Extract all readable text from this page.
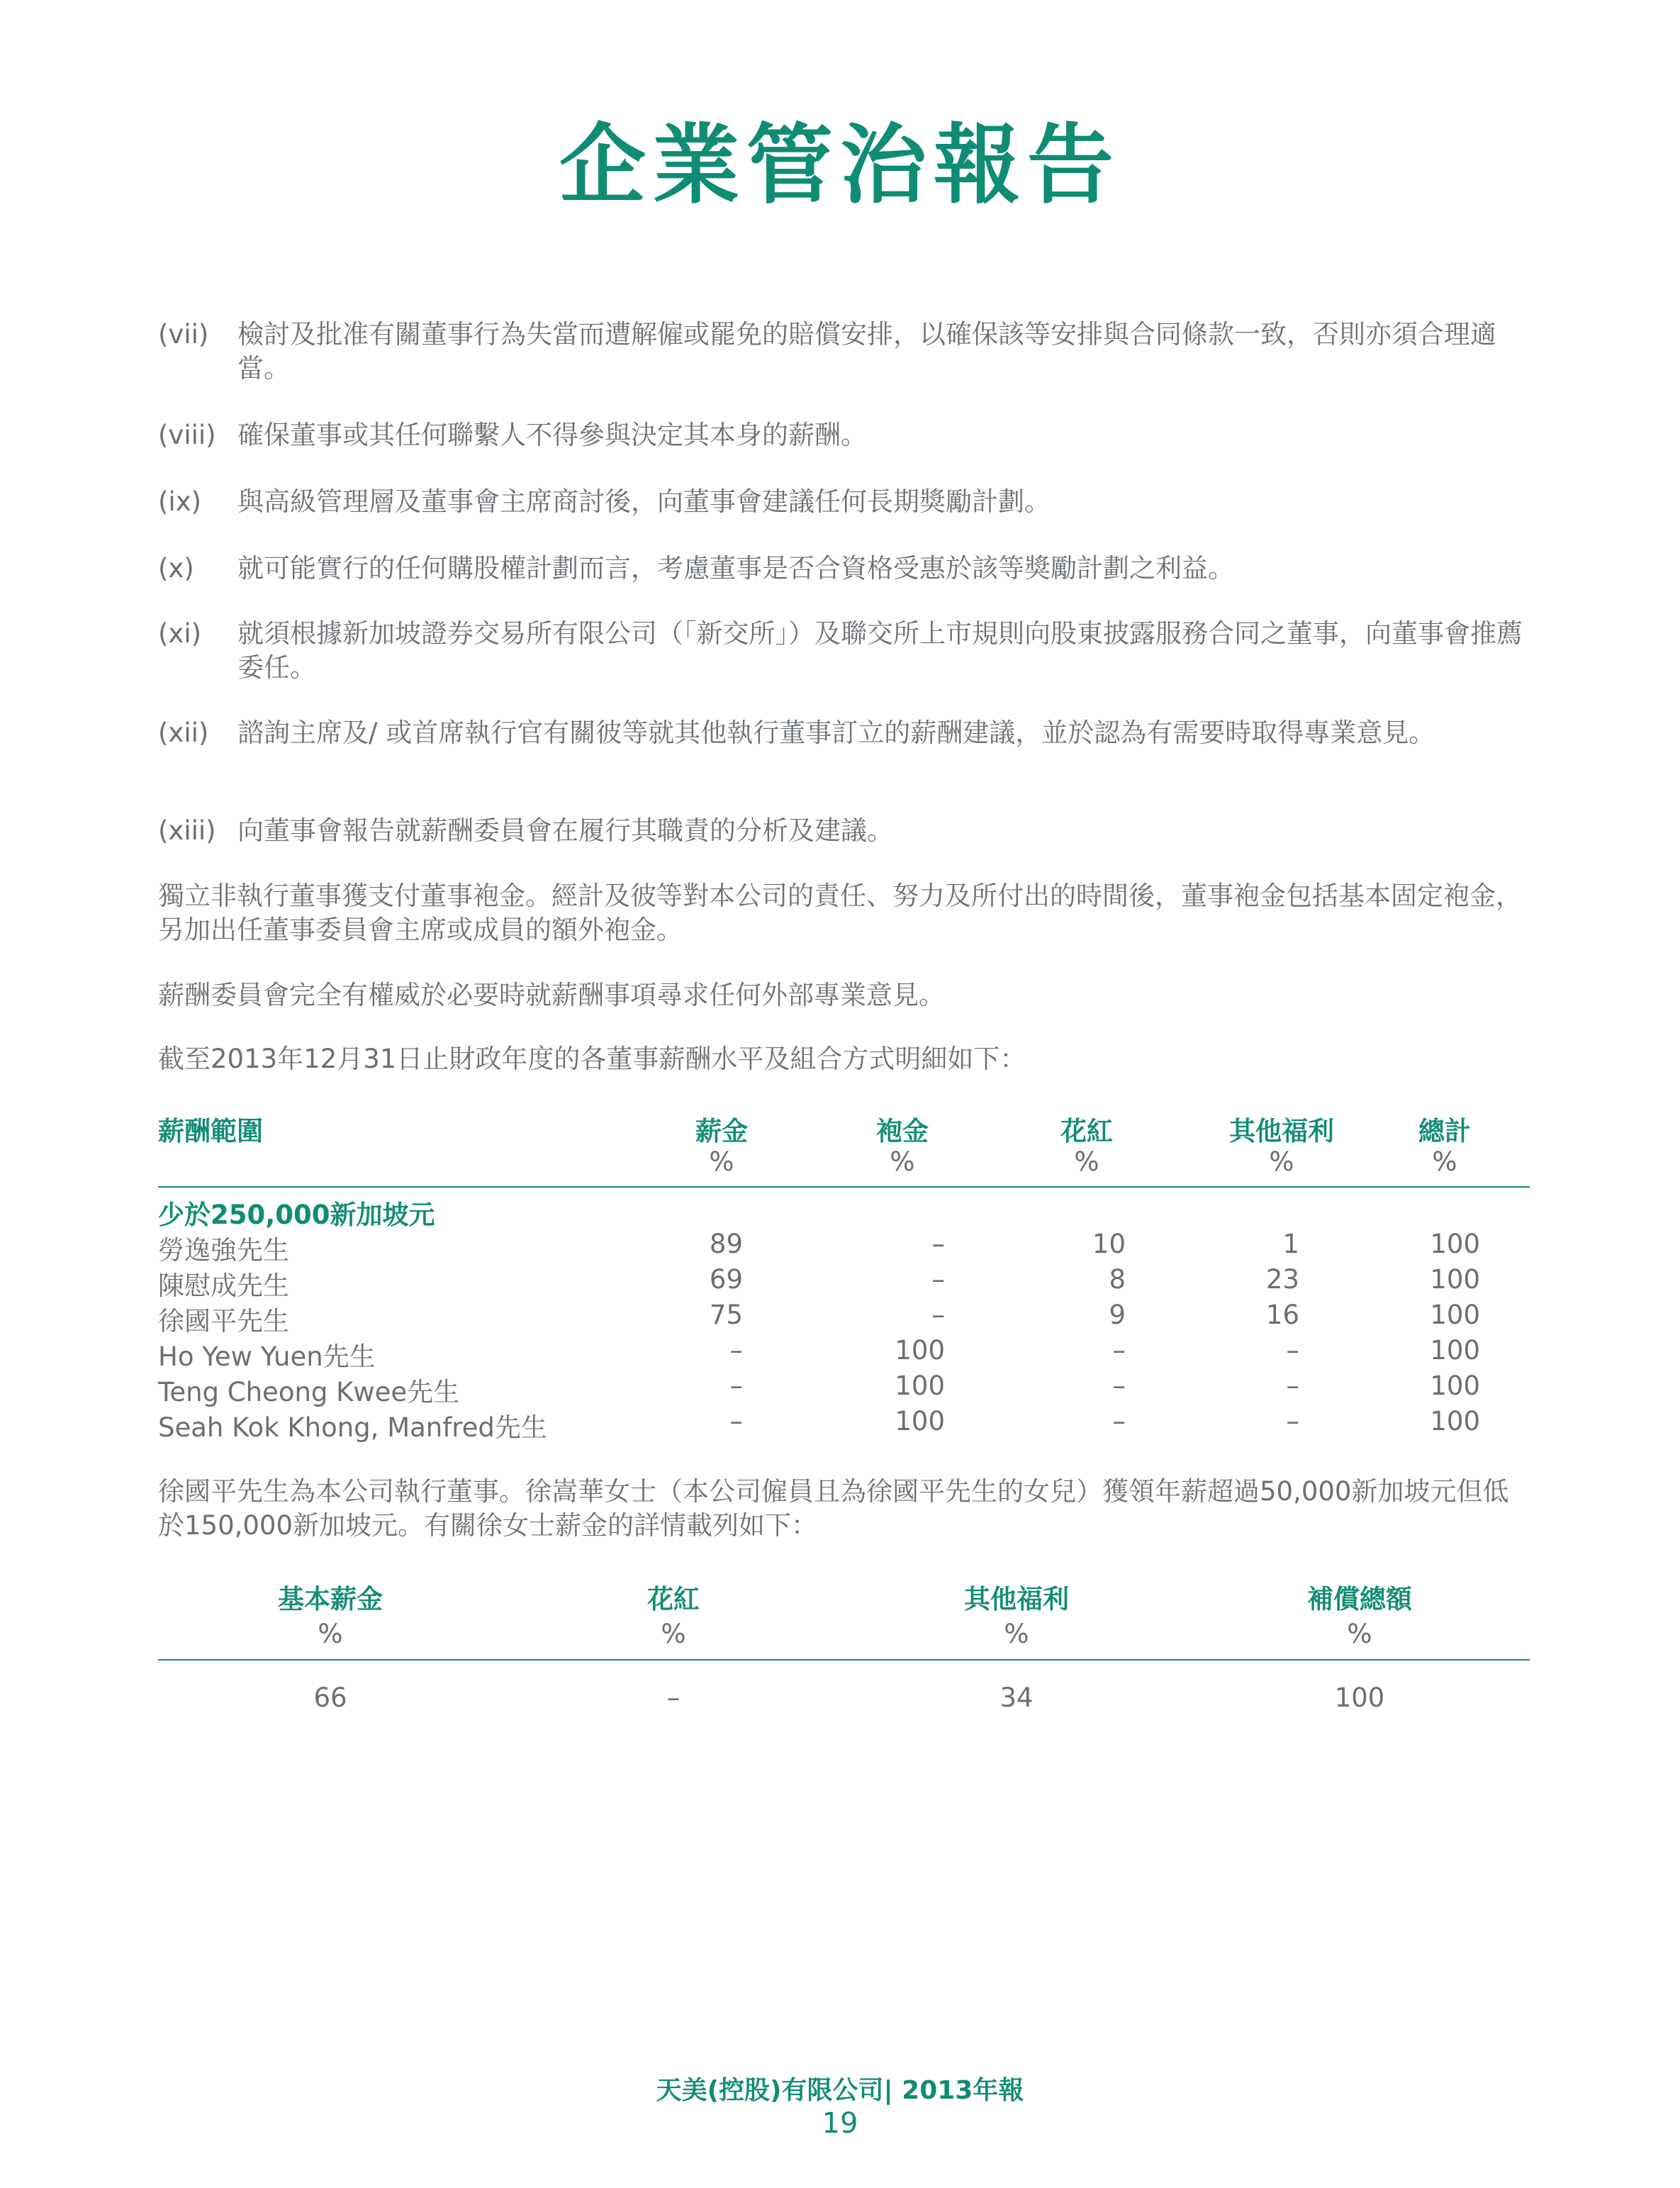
企業管治報告
(vii) 檢討及批准有關董事行為失當而遭解僱或罷免的賠償安排，以確保該等安排與合同條款一致，否則亦須合理適當。
(viii) 確保董事或其任何聯繫人不得參與決定其本身的薪酬。
(ix) 與高級管理層及董事會主席商討後，向董事會建議任何長期獎勵計劃。
(x) 就可能實行的任何購股權計劃而言，考慮董事是否合資格受惠於該等獎勵計劃之利益。
(xi) 就須根據新加坡證券交易所有限公司（「新交所」）及聯交所上市規則向股東披露服務合同之董事，向董事會推薦委任。
(xii) 諮詢主席及/ 或首席執行官有關彼等就其他執行董事訂立的薪酬建議，並於認為有需要時取得專業意見。
(xiii) 向董事會報告就薪酬委員會在履行其職責的分析及建議。
獨立非執行董事獲支付董事袍金。經計及彼等對本公司的責任、努力及所付出的時間後，董事袍金包括基本固定袍金，另加出任董事委員會主席或成員的額外袍金。
薪酬委員會完全有權威於必要時就薪酬事項尋求任何外部專業意見。
截至2013年12月31日止財政年度的各董事薪酬水平及組合方式明細如下：
薪酬範圍	薪金	袍金	花紅	其他福利	總計
%	%	%	%	%
少於250,000新加坡元
勞逸強先生	89	–	10	1	100
陳慰成先生	69	–	8	23	100
徐國平先生	75	–	9	16	100
Ho Yew Yuen先生	–	100	–	–	100
Teng Cheong Kwee先生	–	100	–	–	100
Seah Kok Khong, Manfred先生	–	100	–	–	100
徐國平先生為本公司執行董事。徐嵩華女士（本公司僱員且為徐國平先生的女兒）獲領年薪超過50,000新加坡元但低於150,000新加坡元。有關徐女士薪金的詳情載列如下：
基本薪金	花紅	其他福利	補償總額
%	%	%	%
66	–	34	100
天美(控股)有限公司| 2013年報
19
